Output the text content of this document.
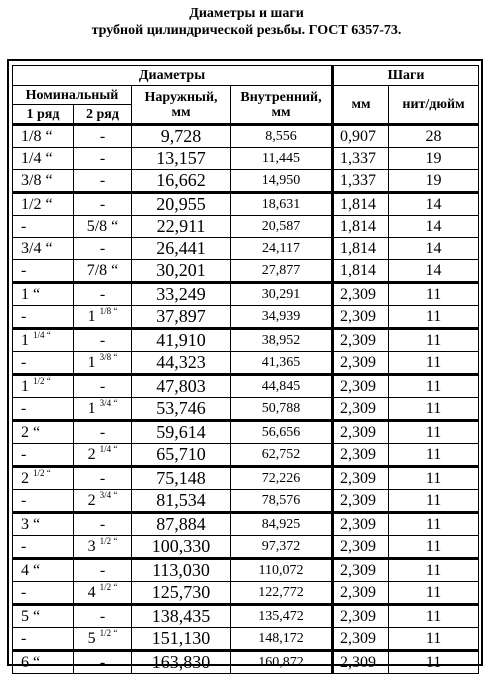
Диаметры и шаги
трубной цилиндрической резьбы. ГОСТ 6357-73.
Диаметры				Шаги	
Номинальный		Наружный,
мм	Внутренний,
мм	мм	нит/дюйм
1 ряд	2 ряд				
1/8 “	-	9,728	8,556	0,907	28
1/4 “	-	13,157	11,445	1,337	19
3/8 “	-	16,662	14,950	1,337	19
1/2 “	-	20,955	18,631	1,814	14
-	5/8 “	22,911	20,587	1,814	14
3/4 “	-	26,441	24,117	1,814	14
-	7/8 “	30,201	27,877	1,814	14
1 “	-	33,249	30,291	2,309	11
-	1 $^{1/8 “}$	37,897	34,939	2,309	11
1 $^{1/4 “}$	-	41,910	38,952	2,309	11
-	1 $^{3/8 “}$	44,323	41,365	2,309	11
1 $^{1/2 “}$	-	47,803	44,845	2,309	11
-	1 $^{3/4 “}$	53,746	50,788	2,309	11
2 “	-	59,614	56,656	2,309	11
-	2 $^{1/4 “}$	65,710	62,752	2,309	11
2 $^{1/2 “}$	-	75,148	72,226	2,309	11
-	2 $^{3/4 “}$	81,534	78,576	2,309	11
3 “	-	87,884	84,925	2,309	11
-	3 $^{1/2 “}$	100,330	97,372	2,309	11
4 “	-	113,030	110,072	2,309	11
-	4 $^{1/2 “}$	125,730	122,772	2,309	11
5 “	-	138,435	135,472	2,309	11
-	5 $^{1/2 “}$	151,130	148,172	2,309	11
6 “	-	163,830	160,872	2,309	11
